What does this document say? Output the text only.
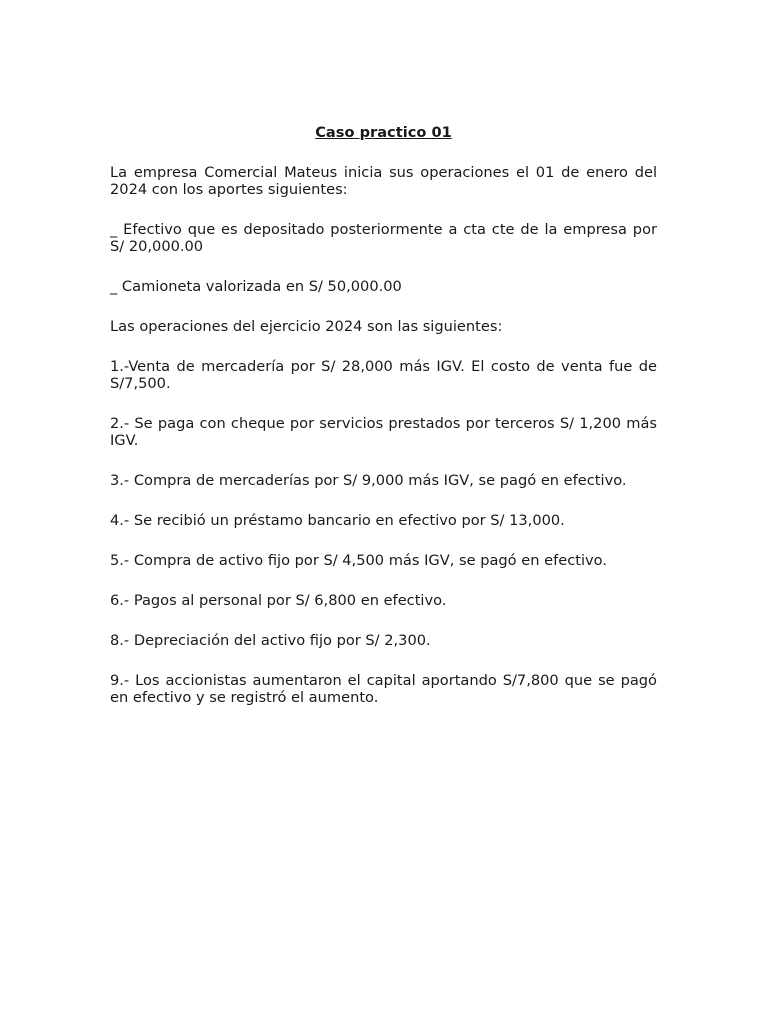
Caso practico 01
La empresa Comercial Mateus inicia sus operaciones el 01 de enero del 2024 con los aportes siguientes:
_ Efectivo que es depositado posteriormente a cta cte de la empresa por S/ 20,000.00
_ Camioneta valorizada en S/ 50,000.00
Las operaciones del ejercicio 2024 son las siguientes:
1.-Venta de mercadería por S/ 28,000 más IGV. El costo de venta fue de S/7,500.
2.- Se paga con cheque por servicios prestados por terceros S/ 1,200 más IGV.
3.- Compra de mercaderías por S/ 9,000 más IGV, se pagó en efectivo.
4.- Se recibió un préstamo bancario en efectivo por S/ 13,000.
5.- Compra de activo fijo por S/ 4,500 más IGV, se pagó en efectivo.
6.- Pagos al personal por S/ 6,800 en efectivo.
8.- Depreciación del activo fijo por S/ 2,300.
9.- Los accionistas aumentaron el capital aportando S/7,800 que se pagó en efectivo y se registró el aumento.
